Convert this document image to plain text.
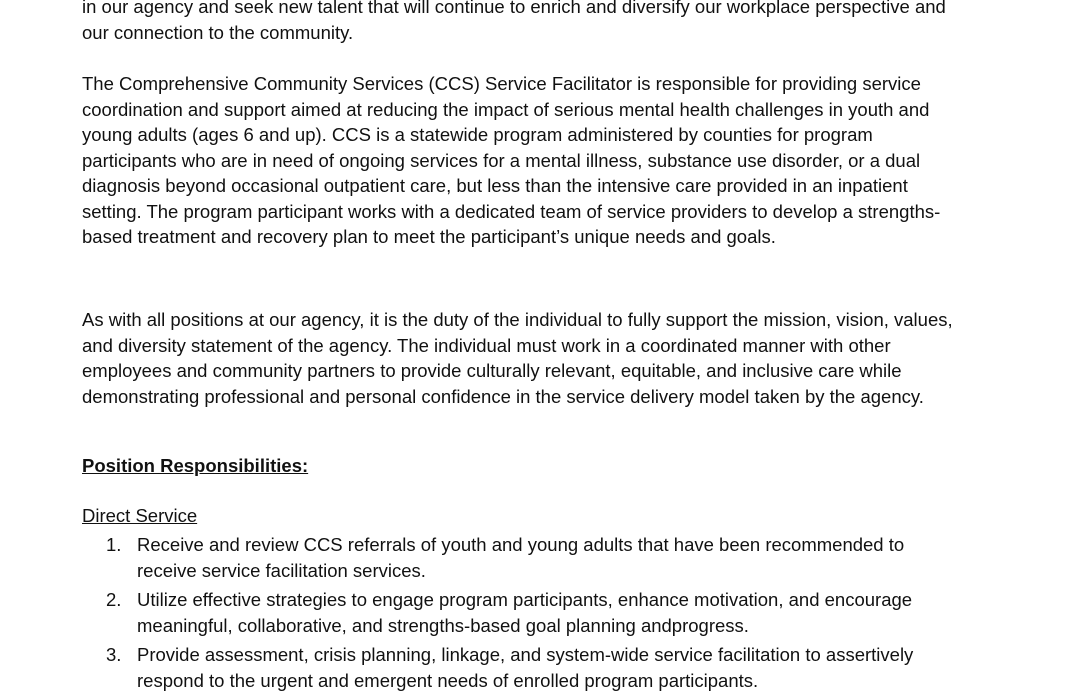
in our agency and seek new talent that will continue to enrich and diversify our workplace perspective and our connection to the community.

The Comprehensive Community Services (CCS) Service Facilitator is responsible for providing service coordination and support aimed at reducing the impact of serious mental health challenges in youth and young adults (ages 6 and up). CCS is a statewide program administered by counties for program participants who are in need of ongoing services for a mental illness, substance use disorder, or a dual diagnosis beyond occasional outpatient care, but less than the intensive care provided in an inpatient setting. The program participant works with a dedicated team of service providers to develop a strengths-based treatment and recovery plan to meet the participant’s unique needs and goals.

As with all positions at our agency, it is the duty of the individual to fully support the mission, vision, values, and diversity statement of the agency. The individual must work in a coordinated manner with other employees and community partners to provide culturally relevant, equitable, and inclusive care while demonstrating professional and personal confidence in the service delivery model taken by the agency.

Position Responsibilities:

Direct Service

1. Receive and review CCS referrals of youth and young adults that have been recommended to receive service facilitation services.
2. Utilize effective strategies to engage program participants, enhance motivation, and encourage meaningful, collaborative, and strengths-based goal planning andprogress.
3. Provide assessment, crisis planning, linkage, and system-wide service facilitation to assertively respond to the urgent and emergent needs of enrolled program participants.
